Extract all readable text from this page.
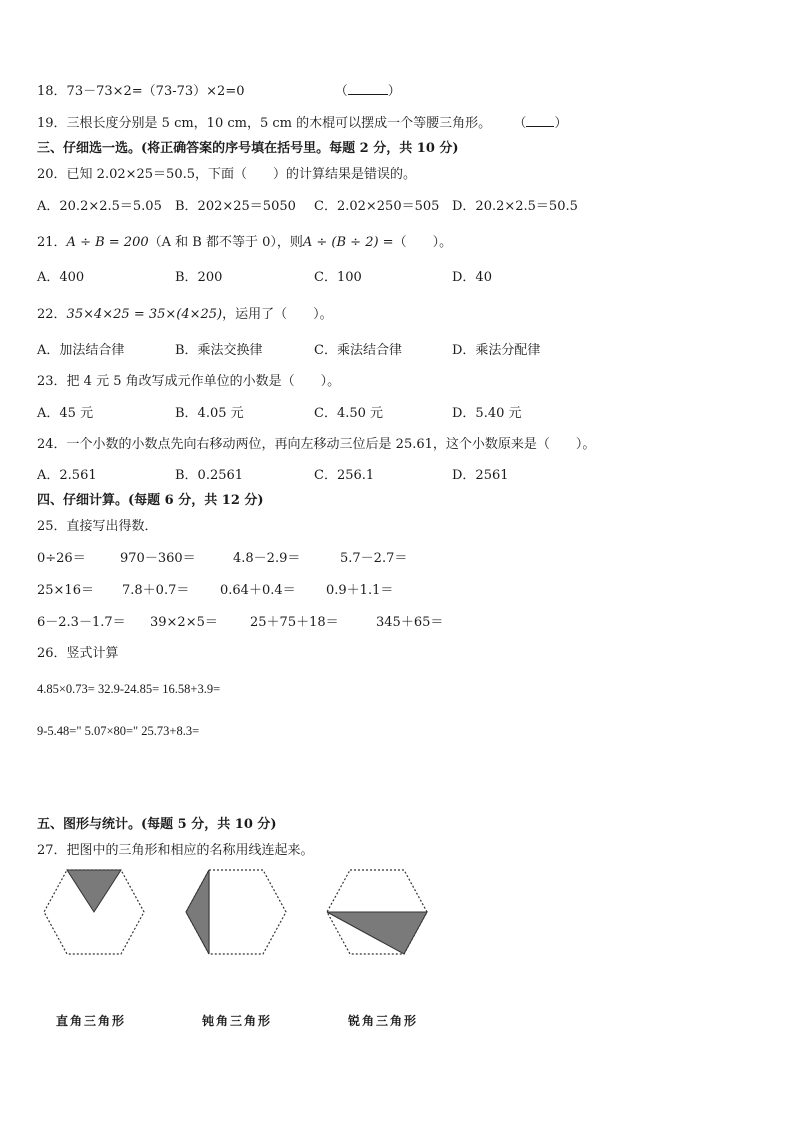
18．73－73×2=（73-73）×2=0	（	）
19．三根长度分别是 5 cm，10 cm，5 cm 的木棍可以摆成一个等腰三角形。 （ ）
三、仔细选一选。(将正确答案的序号填在括号里。每题 2 分，共 10 分)
20．已知 2.02×25＝50.5，下面（　　）的计算结果是错误的。
A．20.2×2.5＝5.05 B．202×25＝5050 C．2.02×250＝505 D．20.2×2.5＝50.5
21．A ÷ B = 200（A 和 B 都不等于 0），则A ÷ (B ÷ 2) =（　　）。
A．400	B．200	C．100	D．40
22．35×4×25 = 35×(4×25)，运用了（　　）。
A．加法结合律	B．乘法交换律	C．乘法结合律	D．乘法分配律
23．把 4 元 5 角改写成元作单位的小数是（　　）。
A．45 元	B．4.05 元	C．4.50 元	D．5.40 元
24．一个小数的小数点先向右移动两位，再向左移动三位后是 25.61，这个小数原来是（　　）。
A．2.561	B．0.2561	C．256.1	D．2561
四、仔细计算。(每题 6 分，共 12 分)
25．直接写出得数．
0÷26＝	970－360＝	4.8－2.9＝	5.7－2.7＝
25×16＝ 7.8＋0.7＝ 0.64＋0.4＝ 0.9＋1.1＝
6－2.3－1.7＝ 39×2×5＝ 25＋75＋18＝	345＋65＝
26．竖式计算
4.85×0.73= 32.9-24.85= 16.58+3.9=
9-5.48=" 5.07×80=" 25.73+8.3=
五、图形与统计。(每题 5 分，共 10 分)
27．把图中的三角形和相应的名称用线连起来。
直角三角形	钝角三角形	锐角三角形
